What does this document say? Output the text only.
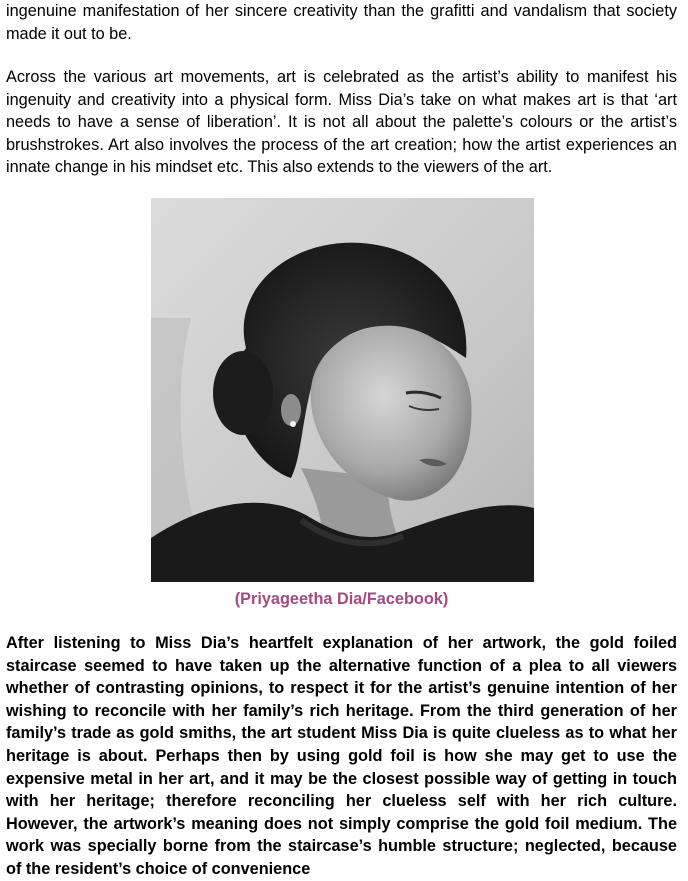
ingenuine manifestation of her sincere creativity than the grafitti and vandalism that society made it out to be.

Across the various art movements, art is celebrated as the artist’s ability to manifest his ingenuity and creativity into a physical form. Miss Dia’s take on what makes art is that ‘art needs to have a sense of liberation’. It is not all about the palette’s colours or the artist’s brushstrokes. Art also involves the process of the art creation; how the artist experiences an innate change in his mindset etc. This also extends to the viewers of the art.

(Priyageetha Dia/Facebook)

After listening to Miss Dia’s heartfelt explanation of her artwork, the gold foiled staircase seemed to have taken up the alternative function of a plea to all viewers whether of contrasting opinions, to respect it for the artist’s genuine intention of her wishing to reconcile with her family’s rich heritage. From the third generation of her family’s trade as gold smiths, the art student Miss Dia is quite clueless as to what her heritage is about. Perhaps then by using gold foil is how she may get to use the expensive metal in her art, and it may be the closest possible way of getting in touch with her heritage; therefore reconciling her clueless self with her rich culture. However, the artwork’s meaning does not simply comprise the gold foil medium. The work was specially borne from the staircase’s humble structure; neglected, because of the resident’s choice of convenience
